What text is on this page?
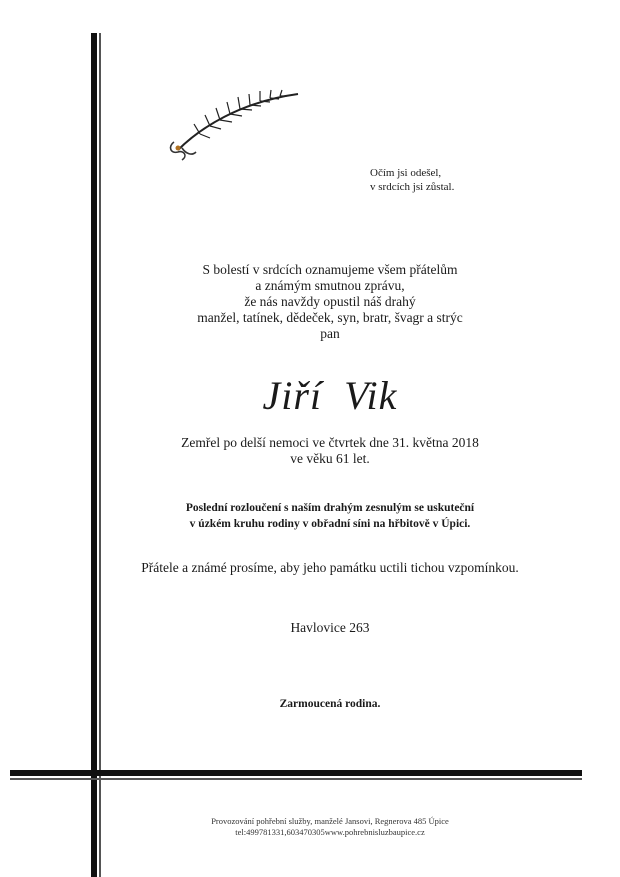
Očím jsi odešel,
v srdcích jsi zůstal.
S bolestí v srdcích oznamujeme všem přátelům
a známým smutnou zprávu,
že nás navždy opustil náš drahý
manžel, tatínek, dědeček, syn, bratr, švagr a strýc
pan
Jiří  Vik
Zemřel po delší nemoci ve čtvrtek dne 31. května 2018
ve věku 61 let.
Poslední rozloučení s naším drahým zesnulým se uskuteční
v úzkém kruhu rodiny v obřadní síni na hřbitově v Úpici.
Přátele a známé prosíme, aby jeho památku uctili tichou vzpomínkou.
Havlovice 263
Zarmoucená rodina.
Provozování pohřební služby, manželé Jansovi, Regnerova 485 Úpice
tel:499781331,603470305www.pohrebnisluzbaupice.cz
